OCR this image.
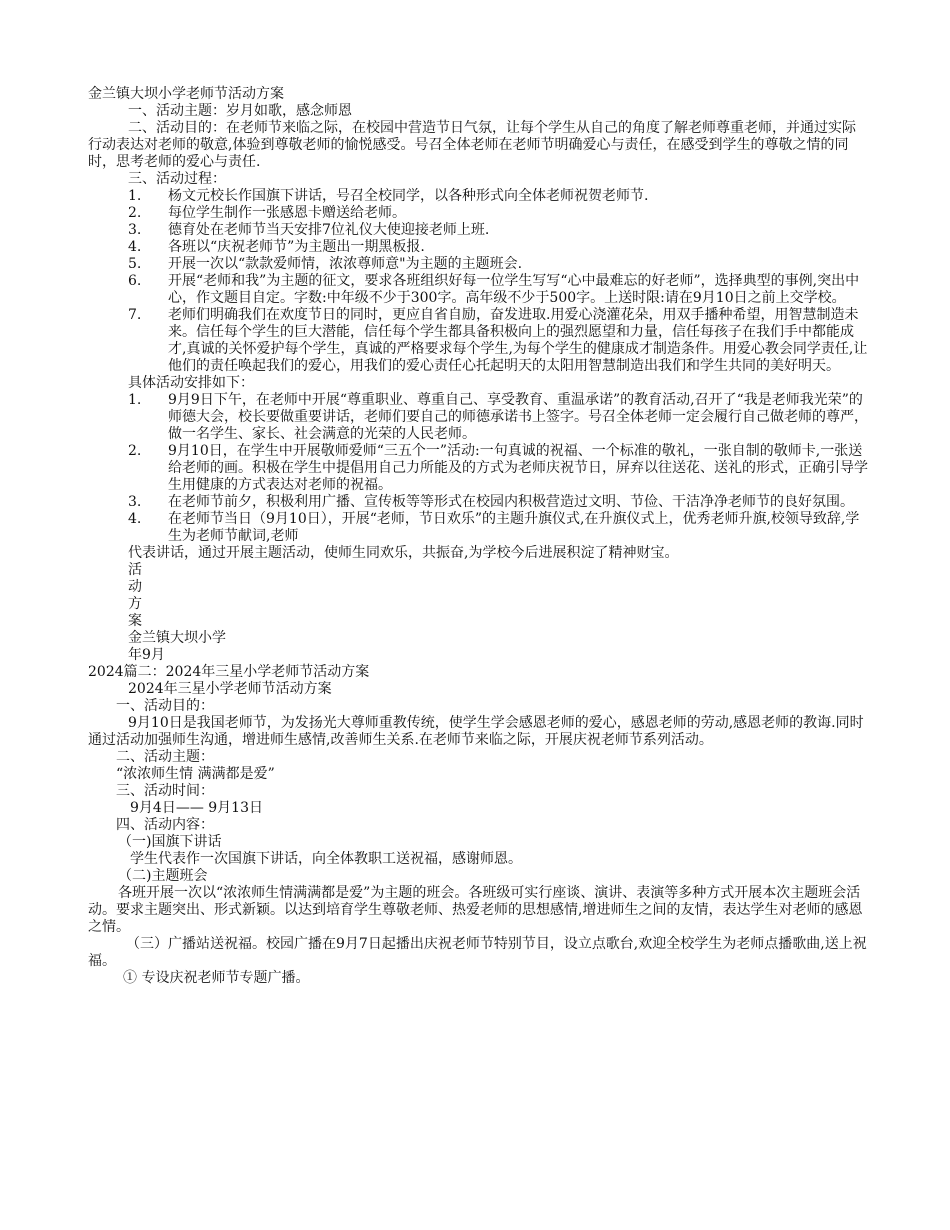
金兰镇大坝小学老师节活动方案
一、活动主题：岁月如歌，感念师恩
二、活动目的：在老师节来临之际，在校园中营造节日气氛，让每个学生从自己的角度了解老师尊重老师，并通过实际行动表达对老师的敬意,体验到尊敬老师的愉悦感受。号召全体老师在老师节明确爱心与责任，在感受到学生的尊敬之情的同时，思考老师的爱心与责任.
三、活动过程：
1.	杨文元校长作国旗下讲话，号召全校同学，以各种形式向全体老师祝贺老师节.
2.	每位学生制作一张感恩卡赠送给老师。
3.	德育处在老师节当天安排7位礼仪大使迎接老师上班.
4.	各班以“庆祝老师节”为主题出一期黑板报.
5.	开展一次以“款款爱师情，浓浓尊师意"为主题的主题班会.
6.	开展“老师和我”为主题的征文，要求各班组织好每一位学生写写“心中最难忘的好老师”，选择典型的事例,突出中心，作文题目自定。字数:中年级不少于300字。高年级不少于500字。上送时限:请在9月10日之前上交学校。
7.	老师们明确我们在欢度节日的同时，更应自省自励，奋发进取.用爱心浇灌花朵，用双手播种希望，用智慧制造未来。信任每个学生的巨大潜能，信任每个学生都具备积极向上的强烈愿望和力量，信任每孩子在我们手中都能成才,真诚的关怀爱护每个学生，真诚的严格要求每个学生,为每个学生的健康成才制造条件。用爱心教会同学责任,让他们的责任唤起我们的爱心，用我们的爱心责任心托起明天的太阳用智慧制造出我们和学生共同的美好明天。
具体活动安排如下：
1.	9月9日下午，在老师中开展“尊重职业、尊重自己、享受教育、重温承诺”的教育活动,召开了“我是老师我光荣”的师德大会，校长要做重要讲话，老师们要自己的师德承诺书上签字。号召全体老师一定会履行自己做老师的尊严，做一名学生、家长、社会满意的光荣的人民老师。
2.	9月10日，在学生中开展敬师爱师“三五个一”活动:一句真诚的祝福、一个标准的敬礼，一张自制的敬师卡,一张送给老师的画。积极在学生中提倡用自己力所能及的方式为老师庆祝节日，屏弃以往送花、送礼的形式，正确引导学生用健康的方式表达对老师的祝福。
3.	在老师节前夕，积极利用广播、宣传板等等形式在校园内积极营造过文明、节俭、干洁净净老师节的良好氛围。
4.	在老师节当日（9月10日），开展“老师，节日欢乐”的主题升旗仪式,在升旗仪式上，优秀老师升旗,校领导致辞,学生为老师节献词,老师
代表讲话，通过开展主题活动，使师生同欢乐，共振奋,为学校今后进展积淀了精神财宝。
活
动
方
案
金兰镇大坝小学
年9月
2024篇二：2024年三星小学老师节活动方案
2024年三星小学老师节活动方案
一、活动目的：
9月10日是我国老师节，为发扬光大尊师重教传统，使学生学会感恩老师的爱心，感恩老师的劳动,感恩老师的教诲.同时通过活动加强师生沟通，增进师生感情,改善师生关系.在老师节来临之际，开展庆祝老师节系列活动。
二、活动主题：
“浓浓师生情 满满都是爱”
三、活动时间：
9月4日—— 9月13日
四、活动内容：
（一)国旗下讲话
学生代表作一次国旗下讲话，向全体教职工送祝福，感谢师恩。
（二)主题班会
各班开展一次以“浓浓师生情满满都是爱”为主题的班会。各班级可实行座谈、演讲、表演等多种方式开展本次主题班会活动。要求主题突出、形式新颖。以达到培育学生尊敬老师、热爱老师的思想感情,增进师生之间的友情，表达学生对老师的感恩之情。
（三）广播站送祝福。校园广播在9月7日起播出庆祝老师节特别节目，设立点歌台,欢迎全校学生为老师点播歌曲,送上祝福。
① 专设庆祝老师节专题广播。
